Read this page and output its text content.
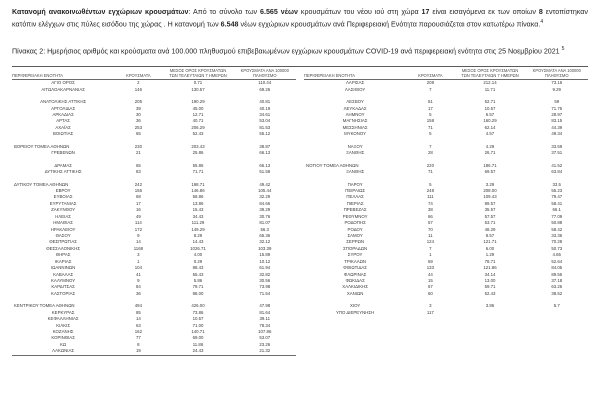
Κατανομή ανακοινωθέντων εγχώριων κρουσμάτων: Από το σύνολο των 6.565 νέων κρουσμάτων του νέου ιού στη χώρα 17 είναι εισαγόμενα εκ των οποίων 8 εντοπίστηκαν κατόπιν ελέγχων στις πύλες εισόδου της χώρας . Η κατανομή των 6.548 νέων εγχώριων κρουσμάτων ανά Περιφερειακή Ενότητα παρουσιάζεται στον κατωτέρω πίνακα.$^4$

Πίνακας 2: Ημερήσιος αριθμός και κρούσματα ανά 100.000 πληθυσμού επιβεβαιωμένων εγχώριων κρουσμάτων COVID-19 ανά περιφερειακή ενότητα στις 25 Νοεμβρίου 2021 $^5$

ΠΕΡΙΦΕΡΕΙΑΚΗ ΕΝΟΤΗΤΑ	ΚΡΟΥΣΜΑΤΑ	ΜΕΣΟΣ ΟΡΟΣ ΚΡΟΥΣΜΑΤΩΝ
ΤΩΝ ΤΕΛΕΥΤΑΙΩΝ 7 ΗΜΕΡΩΝ	ΚΡΟΥΣΜΑΤΑ ΑΝΑ 100000
ΠΛΗΘΥΣΜΟ

ΑΓΙΟ ΟΡΟΣ	2	0.71	110.44
ΑΙΤΩΛΟΑΚΑΡΝΑΝΙΑΣ	146	130.57	69.26

ΑΝΑΤΟΛΙΚΗΣ ΑΤΤΙΚΗΣ	205	190.29	40.81
ΑΡΓΟΛΙΔΑΣ	39	45.00	40.19
ΑΡΚΑΔΙΑΣ	30	12.71	34.61
ΑΡΤΑΣ	36	40.71	53.04
ΑΧΑΪΑΣ	253	206.29	81.53
ΒΟΙΩΤΙΑΣ	65	52.43	55.12

ΒΟΡΕΙΟΥ ΤΟΜΕΑ ΑΘΗΝΩΝ	230	203.43	38.87
ΓΡΕΒΕΝΩΝ	21	25.86	66.13

ΔΡΑΜΑΣ	65	55.86	66.13
ΔΥΤΙΚΗΣ ΑΤΤΙΚΗΣ	83	71.71	51.58

ΔΥΤΙΚΟΥ ΤΟΜΕΑ ΑΘΗΝΩΝ	242	198.71	49.42
ΕΒΡΟΥ	156	146.86	105.44
ΕΥΒΟΙΑΣ	68	58.86	32.29
ΕΥΡΥΤΑΝΙΑΣ	17	13.86	84.66
ΖΑΚΥΝΘΟΥ	16	15.43	39.29
ΗΛΕΙΑΣ	49	34.43	30.76
ΗΜΑΘΙΑΣ	114	111.29	81.07
ΗΡΑΚΛΕΙΟΥ	172	149.29	56.3
ΘΑΣΟΥ	9	8.29	65.36
ΘΕΣΠΡΩΤΙΑΣ	14	14.43	32.12
ΘΕΣΣΑΛΟΝΙΚΗΣ	1168	1026.71	103.39
ΘΗΡΑΣ	3	4.00	15.89
ΙΚΑΡΙΑΣ	1	0.29	10.12
ΙΩΑΝΝΙΝΩΝ	104	88.43	61.94
ΚΑΒΑΛΑΣ	41	55.43	32.82
ΚΑΛΥΜΝΟΥ	9	5.86	30.56
ΚΑΡΔΙΤΣΑΣ	84	79.71	73.98
ΚΑΣΤΟΡΙΑΣ	36	88.00	71.54

ΚΕΝΤΡΙΚΟΥ ΤΟΜΕΑ ΑΘΗΝΩΝ	494	426.00	47.98
ΚΕΡΚΥΡΑΣ	85	73.86	81.64
ΚΕΦΑΛΛΗΝΙΑΣ	14	10.57	39.11
ΚΙΛΚΙΣ	63	71.00	78.34
ΚΟΖΑΝΗΣ	162	140.71	107.86
ΚΟΡΙΝΘΙΑΣ	77	69.00	53.07
ΚΩ	8	11.86	23.26
ΛΑΚΩΝΙΑΣ	19	24.43	21.32
ΠΕΡΙΦΕΡΕΙΑΚΗ ΕΝΟΤΗΤΑ	ΚΡΟΥΣΜΑΤΑ	ΜΕΣΟΣ ΟΡΟΣ ΚΡΟΥΣΜΑΤΩΝ
ΤΩΝ ΤΕΛΕΥΤΑΙΩΝ 7 ΗΜΕΡΩΝ	ΚΡΟΥΣΜΑΤΑ ΑΝΑ 100000
ΠΛΗΘΥΣΜΟ

ΛΑΡΙΣΑΣ	208	212.14	73.16
ΛΑΣΙΘΙΟΥ	7	11.71	9.29

ΛΕΣΒΟΥ	51	52.71	59
ΛΕΥΚΑΔΑΣ	17	10.57	71.75
ΛΗΜΝΟΥ	5	6.57	28.97
ΜΑΓΝΗΣΙΑΣ	158	160.29	83.15
ΜΕΣΣΗΝΙΑΣ	71	62.14	44.39
ΜΥΚΟΝΟΥ	5	4.57	49.34

ΝΑΞΟΥ	7	4.29	33.59
ΞΑΝΘΗΣ	28	26.71	37.51

ΝΟΤΙΟΥ ΤΟΜΕΑ ΑΘΗΝΩΝ	220	186.71	41.52
ΞΑΝΘΗΣ	71	69.57	63.84

ΠΑΡΟΥ	5	3.29	33.5
ΠΕΙΡΑΙΩΣ	248	208.00	55.23
ΠΕΛΛΑΣ	111	109.43	79.47
ΠΙΕΡΙΑΣ	74	89.57	58.41
ΠΡΕΒΕΖΑΣ	38	35.57	66.1
ΡΕΘΥΜΝΟΥ	66	57.57	77.09
ΡΟΔΟΠΗΣ	57	53.71	50.88
ΡΟΔΟΥ	70	48.29	58.42
ΣΑΜΟΥ	11	8.57	33.36
ΣΕΡΡΩΝ	124	121.71	70.28
ΣΠΟΡΑΔΩΝ	7	6.00	50.73
ΣΥΡΟΥ	1	1.29	4.65
ΤΡΙΚΑΛΩΝ	69	78.71	52.64
ΦΘΙΩΤΙΔΑΣ	133	121.86	84.05
ΦΛΩΡΙΝΑΣ	44	34.14	89.56
ΦΩΚΙΔΑΣ	15	13.00	37.18
ΧΑΛΚΙΔΙΚΗΣ	67	59.71	63.26
ΧΑΝΙΩΝ	60	52.43	38.52

ΧΙΟΥ	3	3.86	5.7
ΥΠΟ ΔΙΕΡΕΥΝΗΣΗ	117		
